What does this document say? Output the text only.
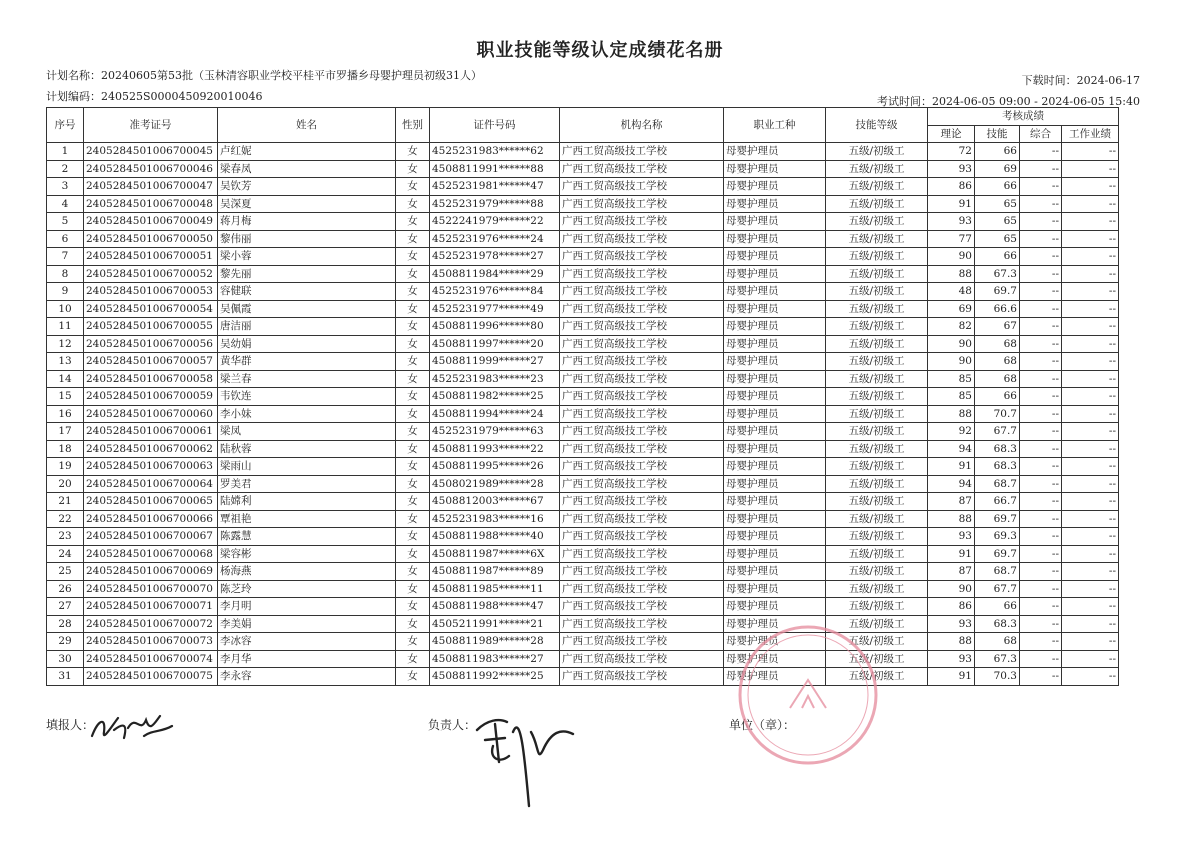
职业技能等级认定成绩花名册
计划名称：20240605第53批（玉林清容职业学校平桂平市罗播乡母婴护理员初级31人）	下载时间：2024-06-17
计划编码：240525S0000450920010046	考试时间：2024-06-05 09:00 - 2024-06-05 15:40
序号	准考证号	姓名	性别	证件号码	机构名称	职业工种	技能等级	考核成绩			
								理论	技能	综合	工作业绩
1	2405284501006700045	卢红妮	女	4525231983******62	广西工贸高级技工学校	母婴护理员	五级/初级工	72	66	--	--
2	2405284501006700046	梁春凤	女	4508811991******88	广西工贸高级技工学校	母婴护理员	五级/初级工	93	69	--	--
3	2405284501006700047	吴钦芳	女	4525231981******47	广西工贸高级技工学校	母婴护理员	五级/初级工	86	66	--	--
4	2405284501006700048	吴深夏	女	4525231979******88	广西工贸高级技工学校	母婴护理员	五级/初级工	91	65	--	--
5	2405284501006700049	蒋月梅	女	4522241979******22	广西工贸高级技工学校	母婴护理员	五级/初级工	93	65	--	--
6	2405284501006700050	黎伟丽	女	4525231976******24	广西工贸高级技工学校	母婴护理员	五级/初级工	77	65	--	--
7	2405284501006700051	梁小蓉	女	4525231978******27	广西工贸高级技工学校	母婴护理员	五级/初级工	90	66	--	--
8	2405284501006700052	黎先丽	女	4508811984******29	广西工贸高级技工学校	母婴护理员	五级/初级工	88	67.3	--	--
9	2405284501006700053	容健联	女	4525231976******84	广西工贸高级技工学校	母婴护理员	五级/初级工	48	69.7	--	--
10	2405284501006700054	吴佩霞	女	4525231977******49	广西工贸高级技工学校	母婴护理员	五级/初级工	69	66.6	--	--
11	2405284501006700055	唐洁丽	女	4508811996******80	广西工贸高级技工学校	母婴护理员	五级/初级工	82	67	--	--
12	2405284501006700056	吴幼娟	女	4508811997******20	广西工贸高级技工学校	母婴护理员	五级/初级工	90	68	--	--
13	2405284501006700057	黄华群	女	4508811999******27	广西工贸高级技工学校	母婴护理员	五级/初级工	90	68	--	--
14	2405284501006700058	梁兰春	女	4525231983******23	广西工贸高级技工学校	母婴护理员	五级/初级工	85	68	--	--
15	2405284501006700059	韦钦连	女	4508811982******25	广西工贸高级技工学校	母婴护理员	五级/初级工	85	66	--	--
16	2405284501006700060	李小妹	女	4508811994******24	广西工贸高级技工学校	母婴护理员	五级/初级工	88	70.7	--	--
17	2405284501006700061	梁凤	女	4525231979******63	广西工贸高级技工学校	母婴护理员	五级/初级工	92	67.7	--	--
18	2405284501006700062	陆秋蓉	女	4508811993******22	广西工贸高级技工学校	母婴护理员	五级/初级工	94	68.3	--	--
19	2405284501006700063	梁雨山	女	4508811995******26	广西工贸高级技工学校	母婴护理员	五级/初级工	91	68.3	--	--
20	2405284501006700064	罗美君	女	4508021989******28	广西工贸高级技工学校	母婴护理员	五级/初级工	94	68.7	--	--
21	2405284501006700065	陆嫦利	女	4508812003******67	广西工贸高级技工学校	母婴护理员	五级/初级工	87	66.7	--	--
22	2405284501006700066	覃祖艳	女	4525231983******16	广西工贸高级技工学校	母婴护理员	五级/初级工	88	69.7	--	--
23	2405284501006700067	陈露慧	女	4508811988******40	广西工贸高级技工学校	母婴护理员	五级/初级工	93	69.3	--	--
24	2405284501006700068	梁容彬	女	4508811987******6X	广西工贸高级技工学校	母婴护理员	五级/初级工	91	69.7	--	--
25	2405284501006700069	杨海燕	女	4508811987******89	广西工贸高级技工学校	母婴护理员	五级/初级工	87	68.7	--	--
26	2405284501006700070	陈芝玲	女	4508811985******11	广西工贸高级技工学校	母婴护理员	五级/初级工	90	67.7	--	--
27	2405284501006700071	李月明	女	4508811988******47	广西工贸高级技工学校	母婴护理员	五级/初级工	86	66	--	--
28	2405284501006700072	李美娟	女	4505211991******21	广西工贸高级技工学校	母婴护理员	五级/初级工	93	68.3	--	--
29	2405284501006700073	李冰容	女	4508811989******28	广西工贸高级技工学校	母婴护理员	五级/初级工	88	68	--	--
30	2405284501006700074	李月华	女	4508811983******27	广西工贸高级技工学校	母婴护理员	五级/初级工	93	67.3	--	--
31	2405284501006700075	李永容	女	4508811992******25	广西工贸高级技工学校	母婴护理员	五级/初级工	91	70.3	--	--
填报人：	负责人：	单位（章）：
